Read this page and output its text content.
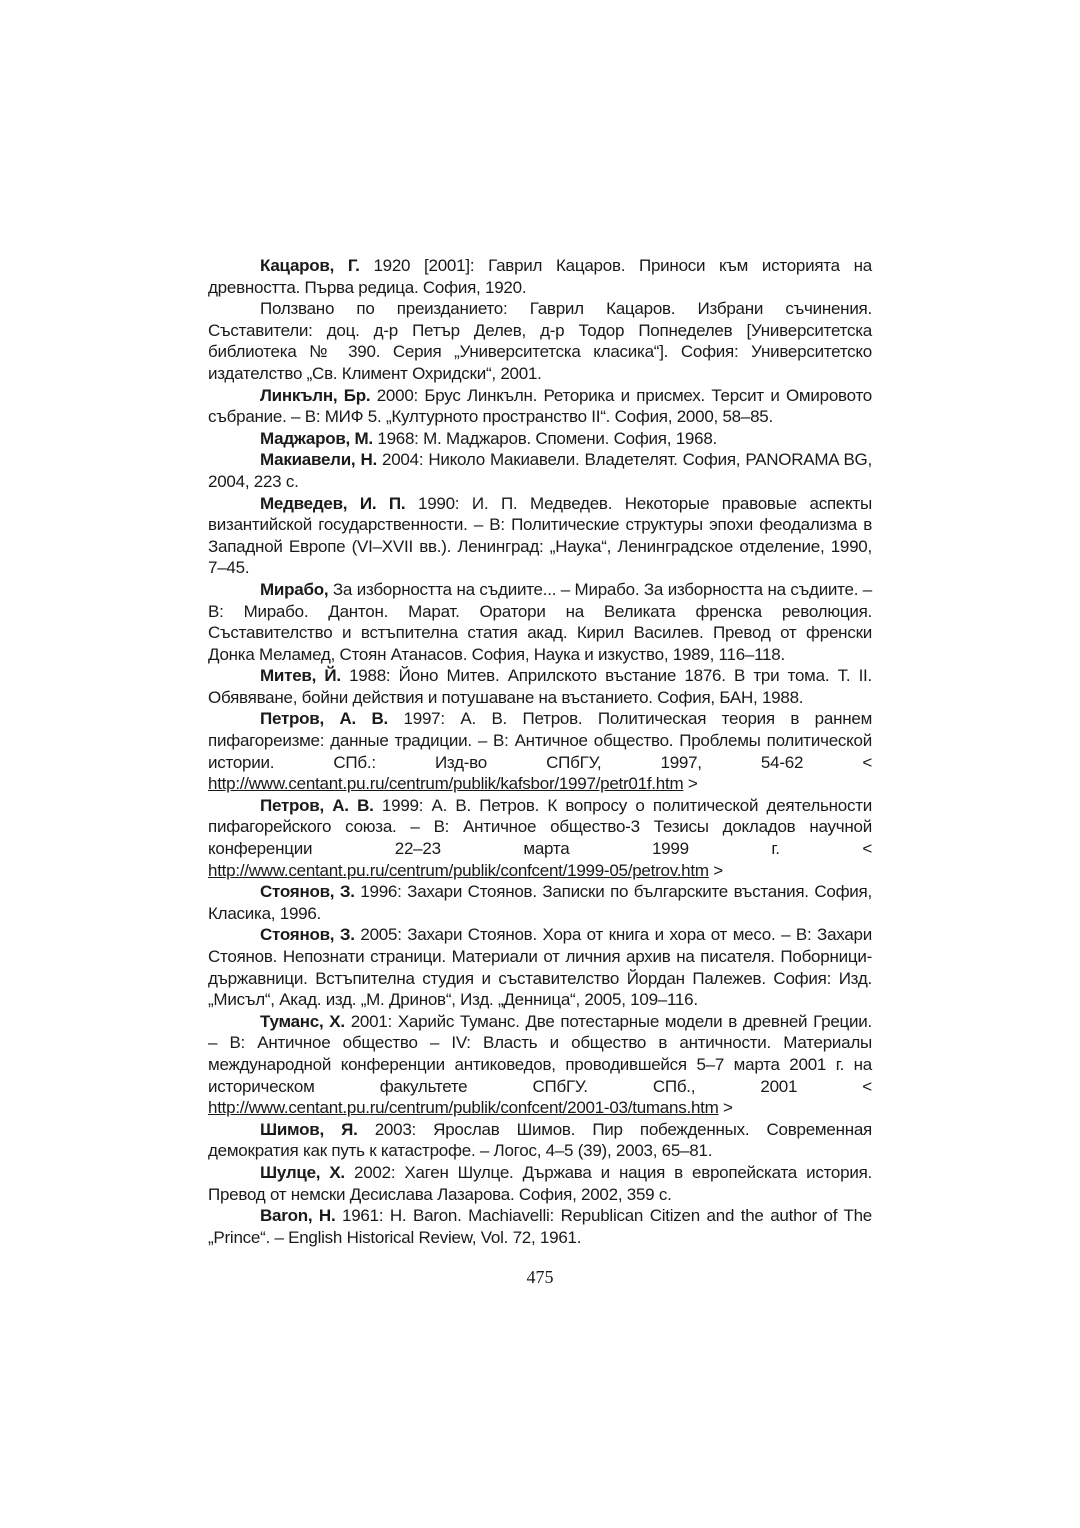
Кацаров, Г. 1920 [2001]: Гаврил Кацаров. Приноси към историята на древността. Първа редица. София, 1920.

Ползвано по преизданието: Гаврил Кацаров. Избрани съчинения. Съставители: доц. д-р Петър Делев, д-р Тодор Попнеделев [Университетска библиотека № 390. Серия „Университетска класика“]. София: Университетско издателство „Св. Климент Охридски“, 2001.

Линкълн, Бр. 2000: Брус Линкълн. Реторика и присмех. Терсит и Омировото събрание. – В: МИФ 5. „Културното пространство II“. София, 2000, 58–85.

Маджаров, М. 1968: М. Маджаров. Спомени. София, 1968.

Макиавели, Н. 2004: Николо Макиавели. Владетелят. София, PANORAMA BG, 2004, 223 с.

Медведев, И. П. 1990: И. П. Медведев. Некоторые правовые аспекты византийской государственности. – В: Политические структуры эпохи феодализма в Западной Европе (VI–XVII вв.). Ленинград: „Наука“, Ленинградское отделение, 1990, 7–45.

Мирабо, За изборността на съдиите... – Мирабо. За изборността на съдиите. – В: Мирабо. Дантон. Марат. Оратори на Великата френска революция. Съставителство и встъпителна статия акад. Кирил Василев. Превод от френски Донка Меламед, Стоян Атанасов. София, Наука и изкуство, 1989, 116–118.

Митев, Й. 1988: Йоно Митев. Априлското въстание 1876. В три тома. Т. II. Обявяване, бойни действия и потушаване на въстанието. София, БАН, 1988.

Петров, А. В. 1997: А. В. Петров. Политическая теория в раннем пифагореизме: данные традиции. – В: Античное общество. Проблемы политической истории. СПб.: Изд-во СПбГУ, 1997, 54-62 < http://www.centant.pu.ru/centrum/publik/kafsbor/1997/petr01f.htm >

Петров, А. В. 1999: А. В. Петров. К вопросу о политической деятельности пифагорейского союза. – В: Античное общество-3 Тезисы докладов научной конференции 22–23 марта 1999 г. < http://www.centant.pu.ru/centrum/publik/confcent/1999-05/petrov.htm >

Стоянов, З. 1996: Захари Стоянов. Записки по българските въстания. София, Класика, 1996.

Стоянов, З. 2005: Захари Стоянов. Хора от книга и хора от месо. – В: Захари Стоянов. Непознати страници. Материали от личния архив на писателя. Поборници-държавници. Встъпителна студия и съставителство Йордан Палежев. София: Изд. „Мисъл“, Акад. изд. „М. Дринов“, Изд. „Денница“, 2005, 109–116.

Туманс, Х. 2001: Харийс Туманс. Две потестарные модели в древней Греции. – В: Античное общество – IV: Власть и общество в античности. Материалы международной конференции антиковедов, проводившейся 5–7 марта 2001 г. на историческом факультете СПбГУ. СПб., 2001 < http://www.centant.pu.ru/centrum/publik/confcent/2001-03/tumans.htm >

Шимов, Я. 2003: Ярослав Шимов. Пир побежденных. Современная демократия как путь к катастрофе. – Логос, 4–5 (39), 2003, 65–81.

Шулце, Х. 2002: Хаген Шулце. Държава и нация в европейската история. Превод от немски Десислава Лазарова. София, 2002, 359 с.

Baron, H. 1961: H. Baron. Machiavelli: Republican Citizen and the author of The „Prince“. – English Historical Review, Vol. 72, 1961.

475
